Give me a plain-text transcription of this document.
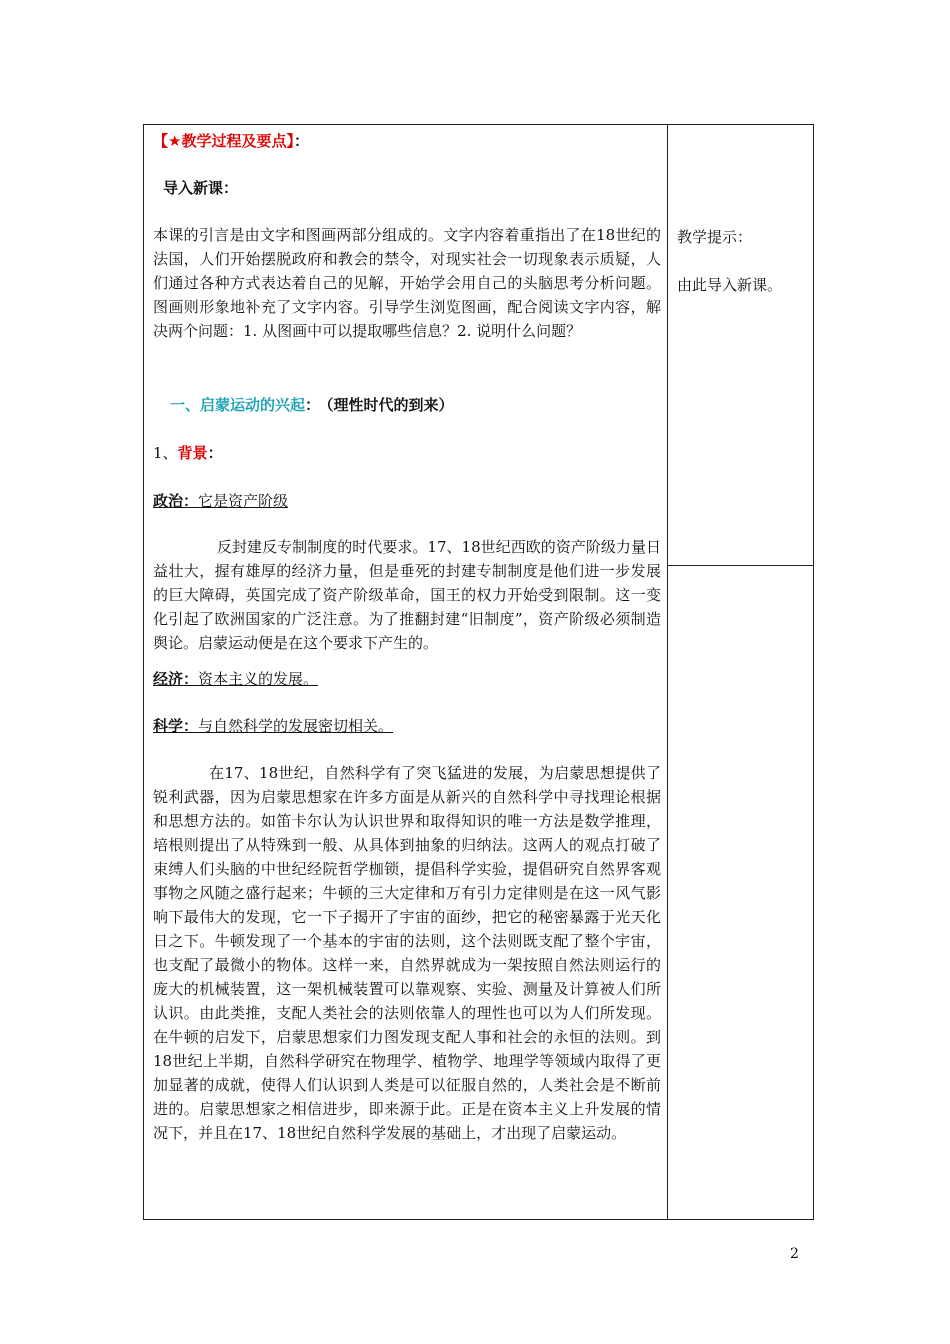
【★教学过程及要点】：

导入新课：

本课的引言是由文字和图画两部分组成的。文字内容着重指出了在18世纪的法国，人们开始摆脱政府和教会的禁令，对现实社会一切现象表示质疑，人们通过各种方式表达着自己的见解，开始学会用自己的头脑思考分析问题。图画则形象地补充了文字内容。引导学生浏览图画，配合阅读文字内容，解决两个问题：1. 从图画中可以提取哪些信息？2. 说明什么问题？

一、启蒙运动的兴起： （理性时代的到来）

1、背景：

政治：它是资产阶级

反封建反专制制度的时代要求。17、18世纪西欧的资产阶级力量日益壮大，握有雄厚的经济力量，但是垂死的封建专制制度是他们进一步发展的巨大障碍，英国完成了资产阶级革命，国王的权力开始受到限制。这一变化引起了欧洲国家的广泛注意。为了推翻封建“旧制度”，资产阶级必须制造舆论。启蒙运动便是在这个要求下产生的。

经济：资本主义的发展。

科学：与自然科学的发展密切相关。

在17、18世纪，自然科学有了突飞猛进的发展，为启蒙思想提供了锐利武器，因为启蒙思想家在许多方面是从新兴的自然科学中寻找理论根据和思想方法的。如笛卡尔认为认识世界和取得知识的唯一方法是数学推理，培根则提出了从特殊到一般、从具体到抽象的归纳法。这两人的观点打破了束缚人们头脑的中世纪经院哲学枷锁，提倡科学实验，提倡研究自然界客观事物之风随之盛行起来；牛顿的三大定律和万有引力定律则是在这一风气影响下最伟大的发现，它一下子揭开了宇宙的面纱，把它的秘密暴露于光天化日之下。牛顿发现了一个基本的宇宙的法则，这个法则既支配了整个宇宙，也支配了最微小的物体。这样一来，自然界就成为一架按照自然法则运行的庞大的机械装置，这一架机械装置可以靠观察、实验、测量及计算被人们所认识。由此类推，支配人类社会的法则依靠人的理性也可以为人们所发现。在牛顿的启发下，启蒙思想家们力图发现支配人事和社会的永恒的法则。到18世纪上半期，自然科学研究在物理学、植物学、地理学等领域内取得了更加显著的成就，使得人们认识到人类是可以征服自然的，人类社会是不断前进的。启蒙思想家之相信进步，即来源于此。正是在资本主义上升发展的情况下，并且在17、18世纪自然科学发展的基础上，才出现了启蒙运动。

教学提示：

由此导入新课。

2
